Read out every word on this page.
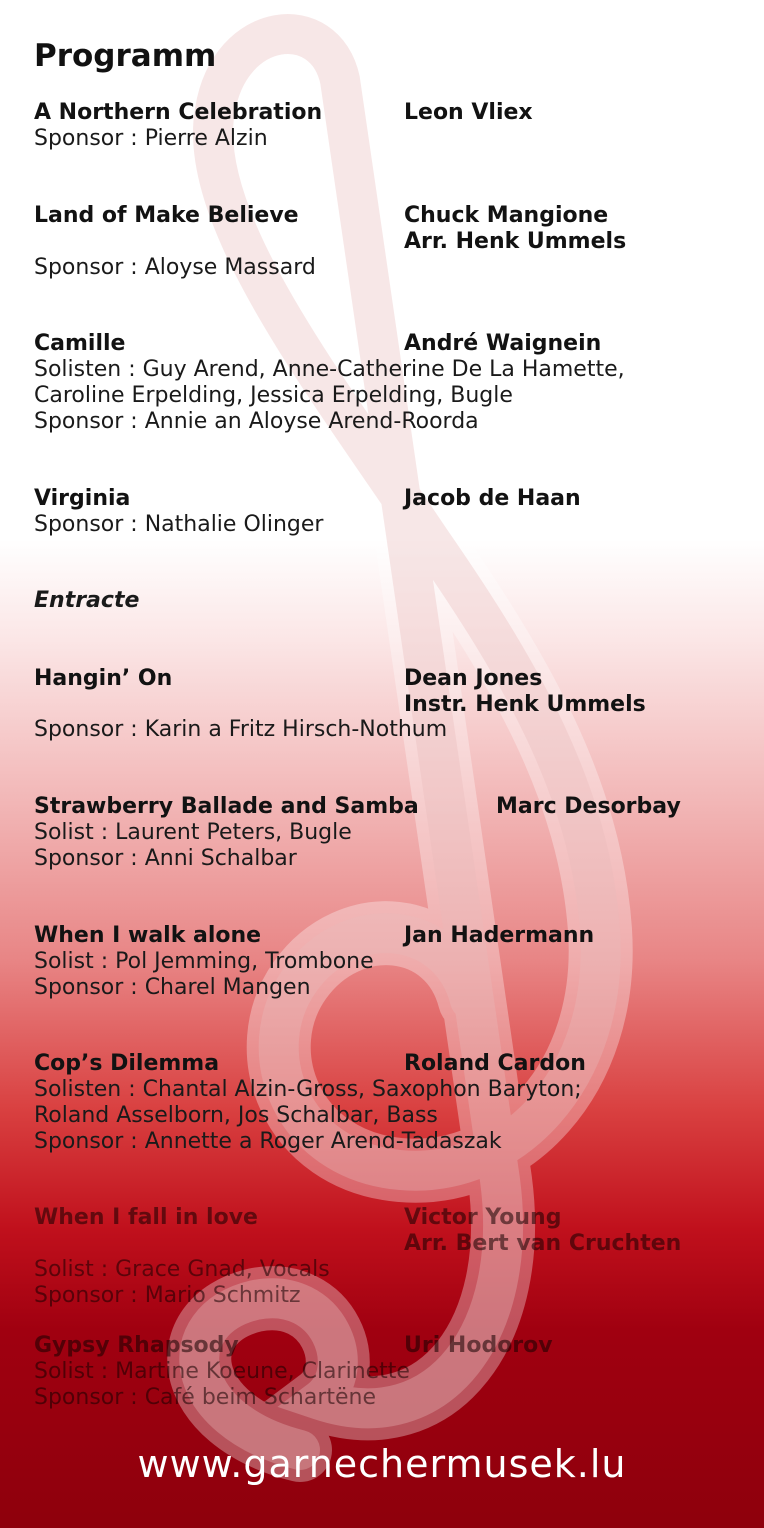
Programm
A Northern Celebration	Leon Vliex
Sponsor : Pierre Alzin
Land of Make Believe	Chuck Mangione
Arr. Henk Ummels
Sponsor : Aloyse Massard
Camille	André Waignein
Solisten : Guy Arend, Anne-Catherine De La Hamette,
Caroline Erpelding, Jessica Erpelding, Bugle
Sponsor : Annie an Aloyse Arend-Roorda
Virginia	Jacob de Haan
Sponsor : Nathalie Olinger
Entracte
Hangin’ On	Dean Jones
Instr. Henk Ummels
Sponsor : Karin a Fritz Hirsch-Nothum
Strawberry Ballade and Samba	Marc Desorbay
Solist : Laurent Peters, Bugle
Sponsor : Anni Schalbar
When I walk alone	Jan Hadermann
Solist : Pol Jemming, Trombone
Sponsor : Charel Mangen
Cop’s Dilemma	Roland Cardon
Solisten : Chantal Alzin-Gross, Saxophon Baryton;
Roland Asselborn, Jos Schalbar, Bass
Sponsor : Annette a Roger Arend-Tadaszak
When I fall in love	Victor Young
Arr. Bert van Cruchten
Solist : Grace Gnad, Vocals
Sponsor : Mario Schmitz
Gypsy Rhapsody	Uri Hodorov
Solist : Martine Koeune, Clarinette
Sponsor : Café beim Schartëne
www.garnechermusek.lu
